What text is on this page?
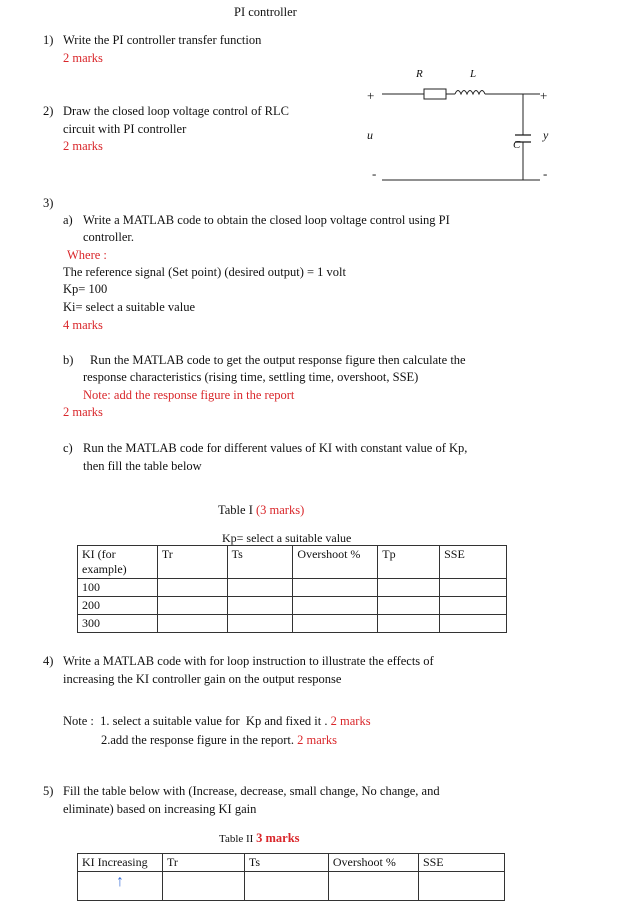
PI controller
1) Write the PI controller transfer function
2 marks
2) Draw the closed loop voltage control of RLC
circuit with PI controller
2 marks
R	L
C
u	y
+	+
-	-
3)
a) Write a MATLAB code to obtain the closed loop voltage control using PI
controller.
Where :
The reference signal (Set point) (desired output) = 1 volt
Kp= 100
Ki= select a suitable value
4 marks
b) Run the MATLAB code to get the output response figure then calculate the
response characteristics (rising time, settling time, overshoot, SSE)
Note: add the response figure in the report
2 marks
c) Run the MATLAB code for different values of KI with constant value of Kp,
then fill the table below
Table I (3 marks)
Kp= select a suitable value
KI (for example)	Tr	Ts	Overshoot %	Tp	SSE
100					
200					
300					
4) Write a MATLAB code with for loop instruction to illustrate the effects of
increasing the KI controller gain on the output response
Note :  1. select a suitable value for  Kp and fixed it . 2 marks
2.add the response figure in the report. 2 marks
5) Fill the table below with (Increase, decrease, small change, No change, and
eliminate) based on increasing KI gain
Table II 3 marks
KI Increasing	Tr	Ts	Overshoot %	SSE
↑				
